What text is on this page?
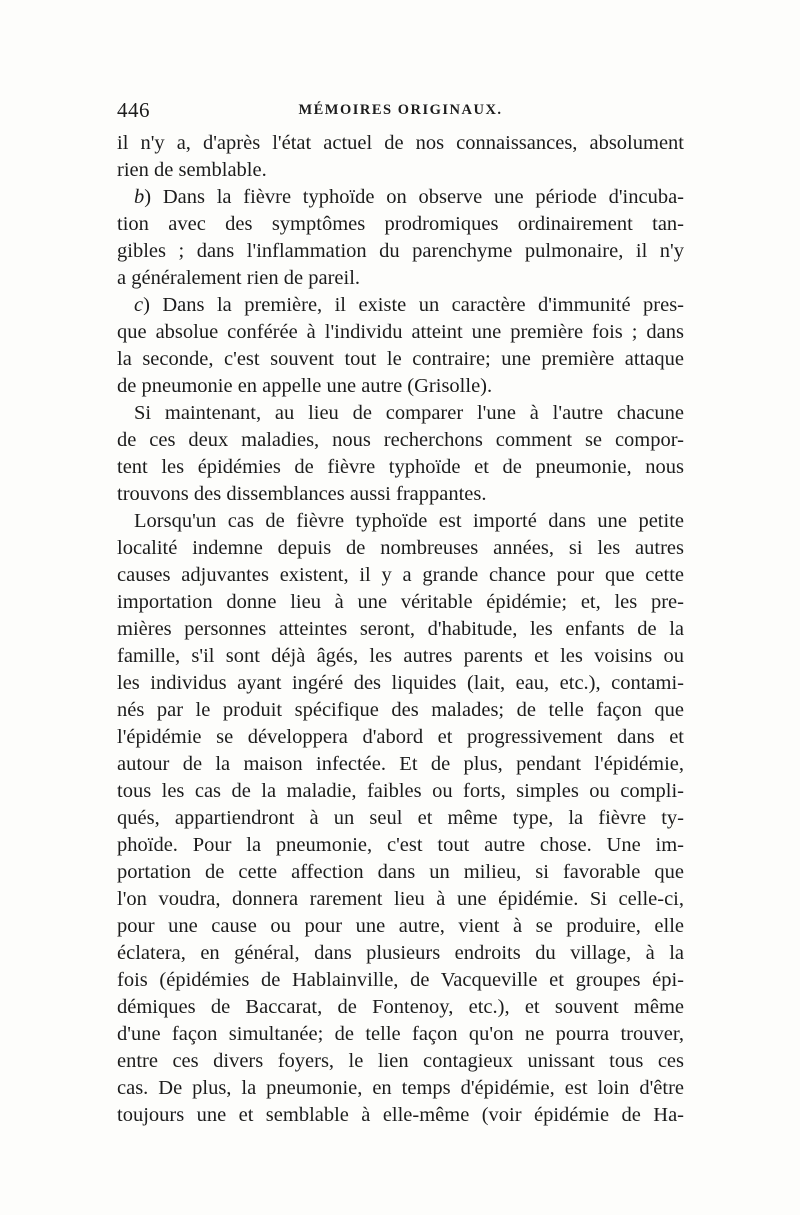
446	MÉMOIRES ORIGINAUX.
il n'y a, d'après l'état actuel de nos connaissances, absolument
rien de semblable.
b) Dans la fièvre typhoïde on observe une période d'incuba-
tion avec des symptômes prodromiques ordinairement tan-
gibles ; dans l'inflammation du parenchyme pulmonaire, il n'y
a généralement rien de pareil.
c) Dans la première, il existe un caractère d'immunité pres-
que absolue conférée à l'individu atteint une première fois ; dans
la seconde, c'est souvent tout le contraire; une première attaque
de pneumonie en appelle une autre (Grisolle).
Si maintenant, au lieu de comparer l'une à l'autre chacune
de ces deux maladies, nous recherchons comment se compor-
tent les épidémies de fièvre typhoïde et de pneumonie, nous
trouvons des dissemblances aussi frappantes.
Lorsqu'un cas de fièvre typhoïde est importé dans une petite
localité indemne depuis de nombreuses années, si les autres
causes adjuvantes existent, il y a grande chance pour que cette
importation donne lieu à une véritable épidémie; et, les pre-
mières personnes atteintes seront, d'habitude, les enfants de la
famille, s'il sont déjà âgés, les autres parents et les voisins ou
les individus ayant ingéré des liquides (lait, eau, etc.), contami-
nés par le produit spécifique des malades; de telle façon que
l'épidémie se développera d'abord et progressivement dans et
autour de la maison infectée. Et de plus, pendant l'épidémie,
tous les cas de la maladie, faibles ou forts, simples ou compli-
qués, appartiendront à un seul et même type, la fièvre ty-
phoïde. Pour la pneumonie, c'est tout autre chose. Une im-
portation de cette affection dans un milieu, si favorable que
l'on voudra, donnera rarement lieu à une épidémie. Si celle-ci,
pour une cause ou pour une autre, vient à se produire, elle
éclatera, en général, dans plusieurs endroits du village, à la
fois (épidémies de Hablainville, de Vacqueville et groupes épi-
démiques de Baccarat, de Fontenoy, etc.), et souvent même
d'une façon simultanée; de telle façon qu'on ne pourra trouver,
entre ces divers foyers, le lien contagieux unissant tous ces
cas. De plus, la pneumonie, en temps d'épidémie, est loin d'être
toujours une et semblable à elle-même (voir épidémie de Ha-
